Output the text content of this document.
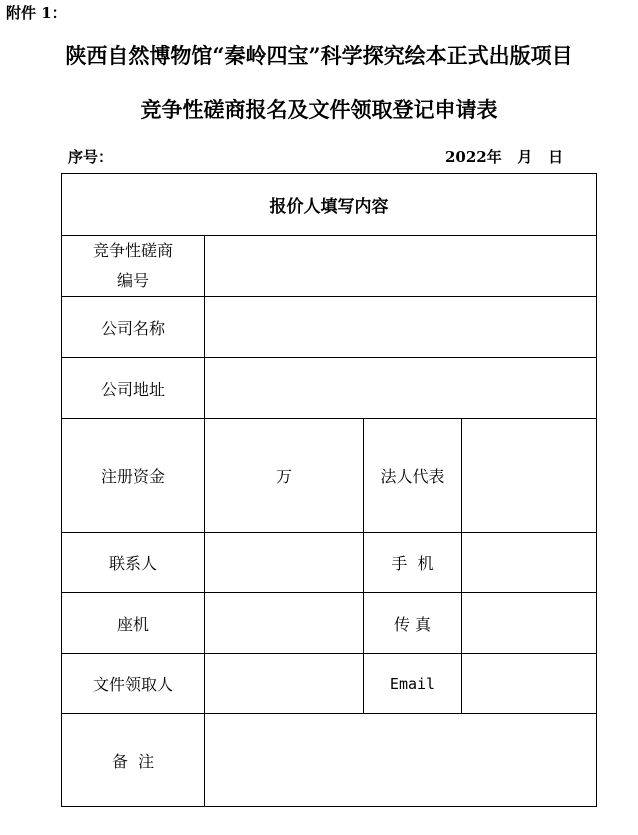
附件 1：
陕西自然博物馆“秦岭四宝”科学探究绘本正式出版项目
竞争性磋商报名及文件领取登记申请表
序号：	2022年   月   日
报价人填写内容			

竞争性磋商
编号			

公司名称			
公司地址			
注册资金	万	法人代表	
联系人		手  机	
座机		传 真	
文件领取人		Email	
备  注			
